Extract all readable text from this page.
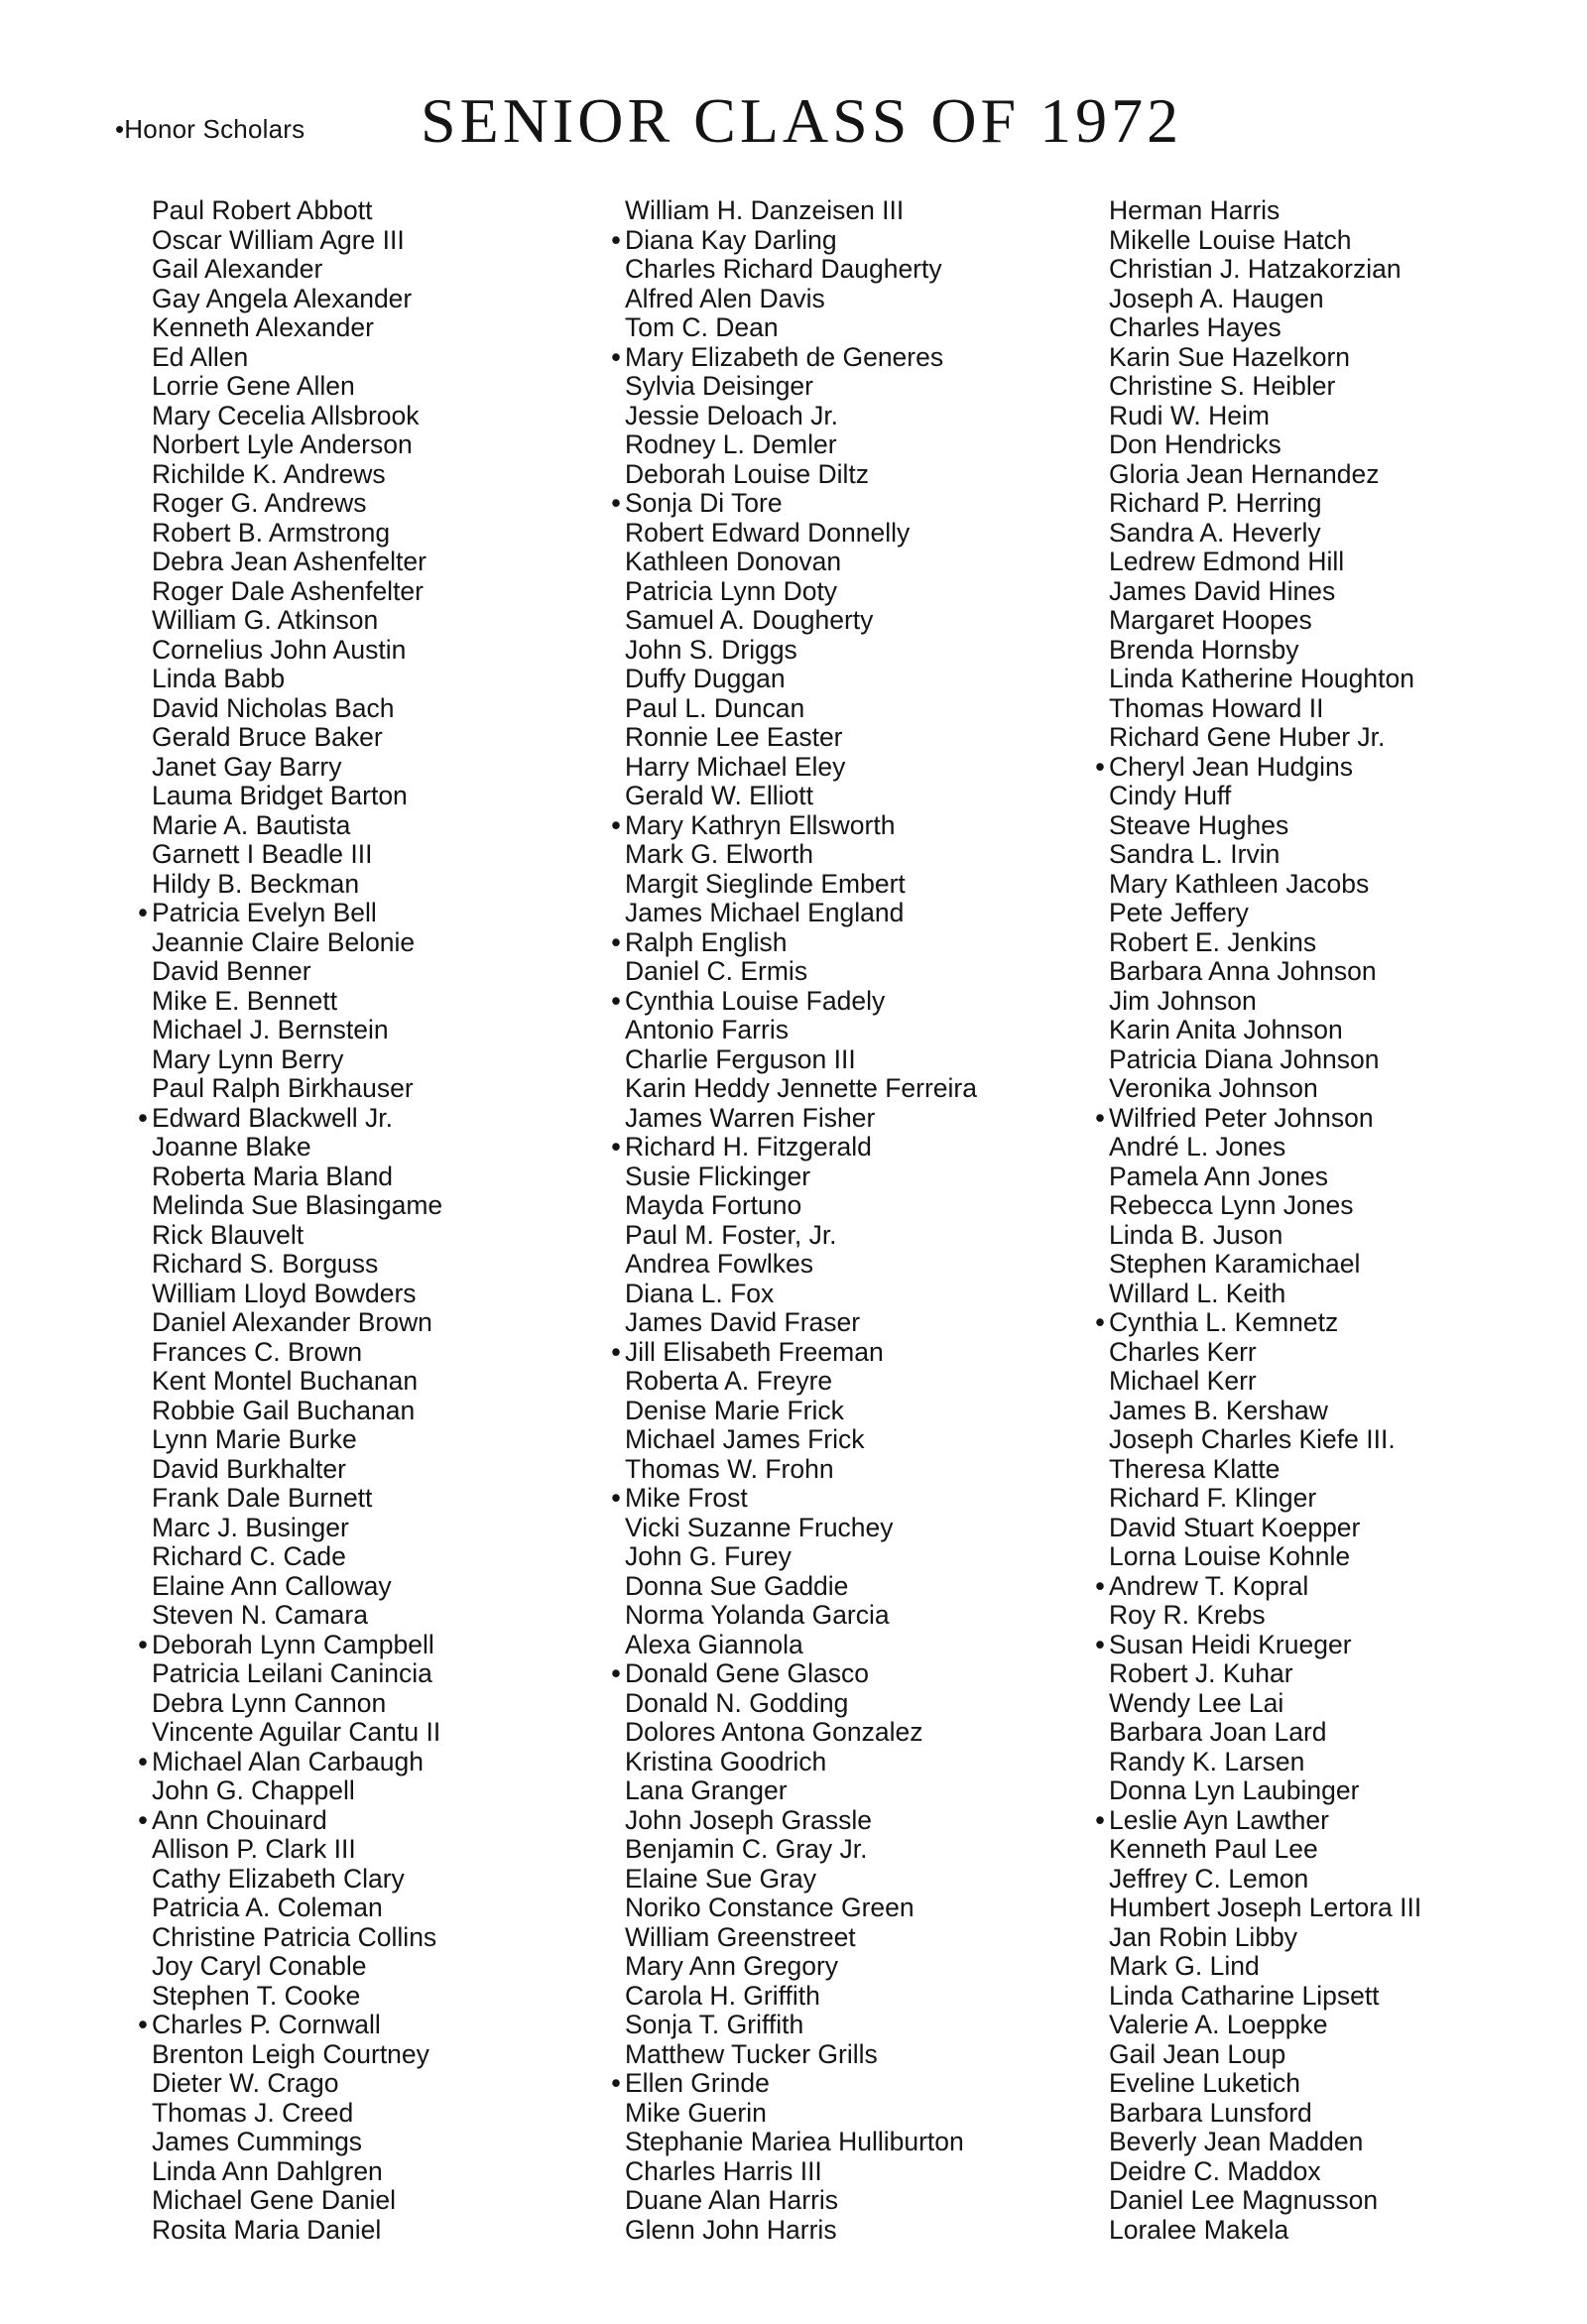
•Honor Scholars SENIOR CLASS OF 1972
Paul Robert Abbott
Oscar William Agre III
Gail Alexander
Gay Angela Alexander
Kenneth Alexander
Ed Allen
Lorrie Gene Allen
Mary Cecelia Allsbrook
Norbert Lyle Anderson
Richilde K. Andrews
Roger G. Andrews
Robert B. Armstrong
Debra Jean Ashenfelter
Roger Dale Ashenfelter
William G. Atkinson
Cornelius John Austin
Linda Babb
David Nicholas Bach
Gerald Bruce Baker
Janet Gay Barry
Lauma Bridget Barton
Marie A. Bautista
Garnett I Beadle III
Hildy B. Beckman
• Patricia Evelyn Bell
Jeannie Claire Belonie
David Benner
Mike E. Bennett
Michael J. Bernstein
Mary Lynn Berry
Paul Ralph Birkhauser
• Edward Blackwell Jr.
Joanne Blake
Roberta Maria Bland
Melinda Sue Blasingame
Rick Blauvelt
Richard S. Borguss
William Lloyd Bowders
Daniel Alexander Brown
Frances C. Brown
Kent Montel Buchanan
Robbie Gail Buchanan
Lynn Marie Burke
David Burkhalter
Frank Dale Burnett
Marc J. Businger
Richard C. Cade
Elaine Ann Calloway
Steven N. Camara
• Deborah Lynn Campbell
Patricia Leilani Canincia
Debra Lynn Cannon
Vincente Aguilar Cantu II
• Michael Alan Carbaugh
John G. Chappell
• Ann Chouinard
Allison P. Clark III
Cathy Elizabeth Clary
Patricia A. Coleman
Christine Patricia Collins
Joy Caryl Conable
Stephen T. Cooke
• Charles P. Cornwall
Brenton Leigh Courtney
Dieter W. Crago
Thomas J. Creed
James Cummings
Linda Ann Dahlgren
Michael Gene Daniel
Rosita Maria Daniel
William H. Danzeisen III
• Diana Kay Darling
Charles Richard Daugherty
Alfred Alen Davis
Tom C. Dean
• Mary Elizabeth de Generes
Sylvia Deisinger
Jessie Deloach Jr.
Rodney L. Demler
Deborah Louise Diltz
• Sonja Di Tore
Robert Edward Donnelly
Kathleen Donovan
Patricia Lynn Doty
Samuel A. Dougherty
John S. Driggs
Duffy Duggan
Paul L. Duncan
Ronnie Lee Easter
Harry Michael Eley
Gerald W. Elliott
• Mary Kathryn Ellsworth
Mark G. Elworth
Margit Sieglinde Embert
James Michael England
• Ralph English
Daniel C. Ermis
• Cynthia Louise Fadely
Antonio Farris
Charlie Ferguson III
Karin Heddy Jennette Ferreira
James Warren Fisher
• Richard H. Fitzgerald
Susie Flickinger
Mayda Fortuno
Paul M. Foster, Jr.
Andrea Fowlkes
Diana L. Fox
James David Fraser
• Jill Elisabeth Freeman
Roberta A. Freyre
Denise Marie Frick
Michael James Frick
Thomas W. Frohn
• Mike Frost
Vicki Suzanne Fruchey
John G. Furey
Donna Sue Gaddie
Norma Yolanda Garcia
Alexa Giannola
• Donald Gene Glasco
Donald N. Godding
Dolores Antona Gonzalez
Kristina Goodrich
Lana Granger
John Joseph Grassle
Benjamin C. Gray Jr.
Elaine Sue Gray
Noriko Constance Green
William Greenstreet
Mary Ann Gregory
Carola H. Griffith
Sonja T. Griffith
Matthew Tucker Grills
• Ellen Grinde
Mike Guerin
Stephanie Mariea Hulliburton
Charles Harris III
Duane Alan Harris
Glenn John Harris
Herman Harris
Mikelle Louise Hatch
Christian J. Hatzakorzian
Joseph A. Haugen
Charles Hayes
Karin Sue Hazelkorn
Christine S. Heibler
Rudi W. Heim
Don Hendricks
Gloria Jean Hernandez
Richard P. Herring
Sandra A. Heverly
Ledrew Edmond Hill
James David Hines
Margaret Hoopes
Brenda Hornsby
Linda Katherine Houghton
Thomas Howard II
Richard Gene Huber Jr.
• Cheryl Jean Hudgins
Cindy Huff
Steave Hughes
Sandra L. Irvin
Mary Kathleen Jacobs
Pete Jeffery
Robert E. Jenkins
Barbara Anna Johnson
Jim Johnson
Karin Anita Johnson
Patricia Diana Johnson
Veronika Johnson
• Wilfried Peter Johnson
André L. Jones
Pamela Ann Jones
Rebecca Lynn Jones
Linda B. Juson
Stephen Karamichael
Willard L. Keith
• Cynthia L. Kemnetz
Charles Kerr
Michael Kerr
James B. Kershaw
Joseph Charles Kiefe III.
Theresa Klatte
Richard F. Klinger
David Stuart Koepper
Lorna Louise Kohnle
• Andrew T. Kopral
Roy R. Krebs
• Susan Heidi Krueger
Robert J. Kuhar
Wendy Lee Lai
Barbara Joan Lard
Randy K. Larsen
Donna Lyn Laubinger
• Leslie Ayn Lawther
Kenneth Paul Lee
Jeffrey C. Lemon
Humbert Joseph Lertora III
Jan Robin Libby
Mark G. Lind
Linda Catharine Lipsett
Valerie A. Loeppke
Gail Jean Loup
Eveline Luketich
Barbara Lunsford
Beverly Jean Madden
Deidre C. Maddox
Daniel Lee Magnusson
Loralee Makela
